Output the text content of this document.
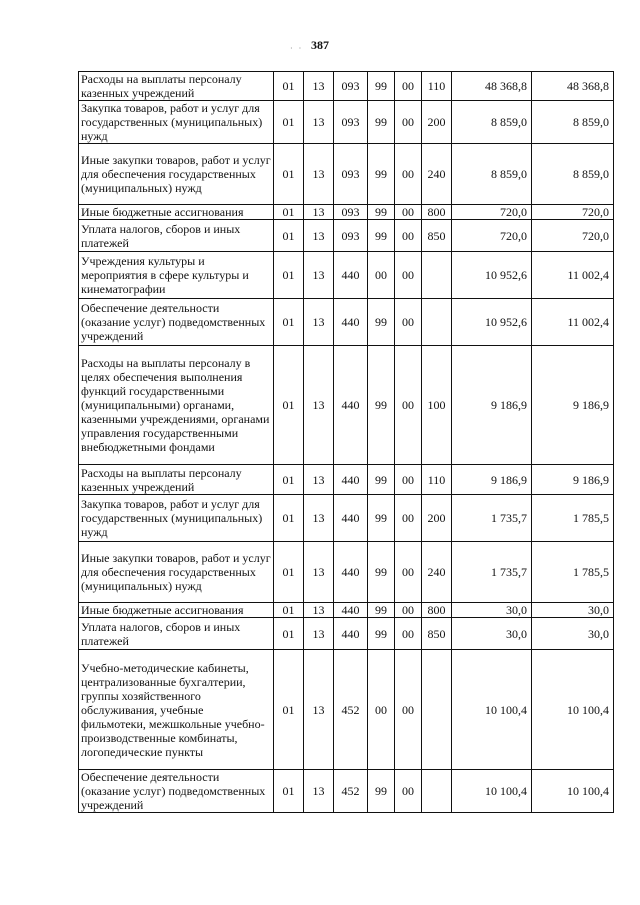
387
· ·
Расходы на выплаты персоналу казенных учреждений	01	13	093	99	00	110	48 368,8	48 368,8
Закупка товаров, работ и услуг для государственных (муниципальных) нужд	01	13	093	99	00	200	8 859,0	8 859,0
Иные закупки товаров, работ и услуг для обеспечения государственных (муниципальных) нужд	01	13	093	99	00	240	8 859,0	8 859,0
Иные бюджетные ассигнования	01	13	093	99	00	800	720,0	720,0
Уплата налогов, сборов и иных платежей	01	13	093	99	00	850	720,0	720,0
Учреждения культуры и мероприятия в сфере культуры и кинематографии	01	13	440	00	00		10 952,6	11 002,4
Обеспечение деятельности (оказание услуг) подведомственных учреждений	01	13	440	99	00		10 952,6	11 002,4
Расходы на выплаты персоналу в целях обеспечения выполнения функций государственными (муниципальными) органами, казенными учреждениями, органами управления государственными внебюджетными фондами	01	13	440	99	00	100	9 186,9	9 186,9
Расходы на выплаты персоналу казенных учреждений	01	13	440	99	00	110	9 186,9	9 186,9
Закупка товаров, работ и услуг для государственных (муниципальных) нужд	01	13	440	99	00	200	1 735,7	1 785,5
Иные закупки товаров, работ и услуг для обеспечения государственных (муниципальных) нужд	01	13	440	99	00	240	1 735,7	1 785,5
Иные бюджетные ассигнования	01	13	440	99	00	800	30,0	30,0
Уплата налогов, сборов и иных платежей	01	13	440	99	00	850	30,0	30,0
Учебно-методические кабинеты, централизованные бухгалтерии, группы хозяйственного обслуживания, учебные фильмотеки, межшкольные учебно-производственные комбинаты, логопедические пункты	01	13	452	00	00		10 100,4	10 100,4
Обеспечение деятельности (оказание услуг) подведомственных учреждений	01	13	452	99	00		10 100,4	10 100,4
